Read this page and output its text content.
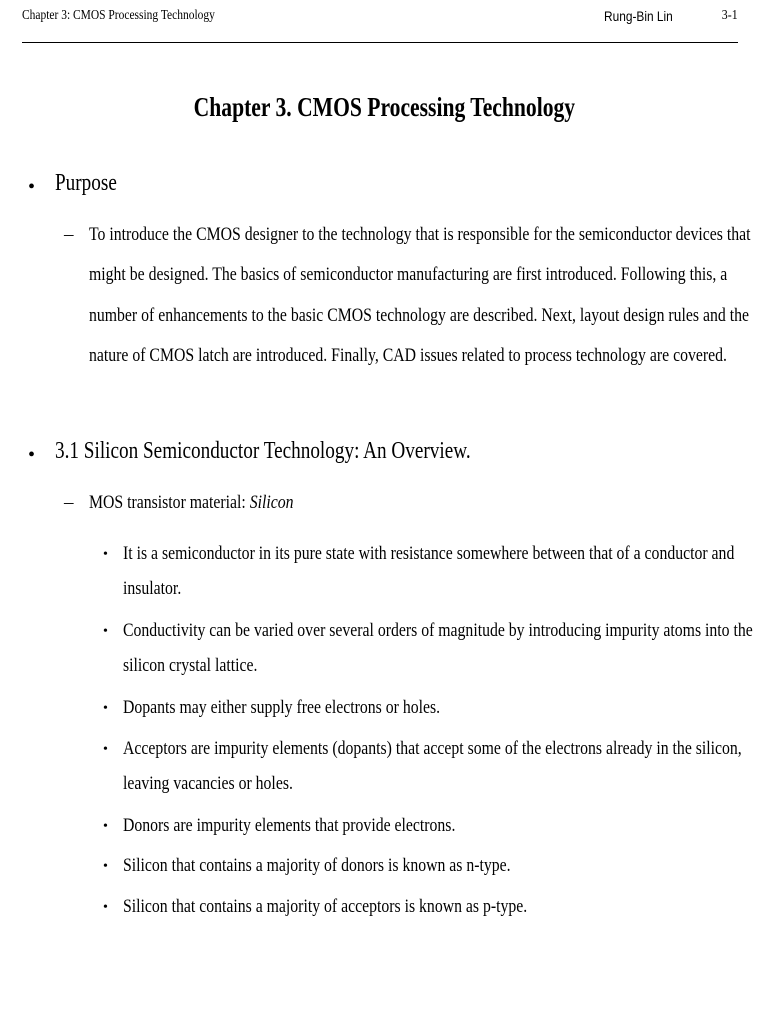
Chapter 3: CMOS Processing Technology	Rung-Bin Lin	3-1
Chapter 3. CMOS Processing Technology
• Purpose
– To introduce the CMOS designer to the technology that is responsible for the semiconductor devices that
might be designed. The basics of semiconductor manufacturing are first introduced. Following this, a
number of enhancements to the basic CMOS technology are described. Next, layout design rules and the
nature of CMOS latch are introduced. Finally, CAD issues related to process technology are covered.
• 3.1 Silicon Semiconductor Technology: An Overview.
– MOS transistor material: Silicon
• It is a semiconductor in its pure state with resistance somewhere between that of a conductor and
insulator.
• Conductivity can be varied over several orders of magnitude by introducing impurity atoms into the
silicon crystal lattice.
• Dopants may either supply free electrons or holes.
• Acceptors are impurity elements (dopants) that accept some of the electrons already in the silicon,
leaving vacancies or holes.
• Donors are impurity elements that provide electrons.
• Silicon that contains a majority of donors is known as n-type.
• Silicon that contains a majority of acceptors is known as p-type.
